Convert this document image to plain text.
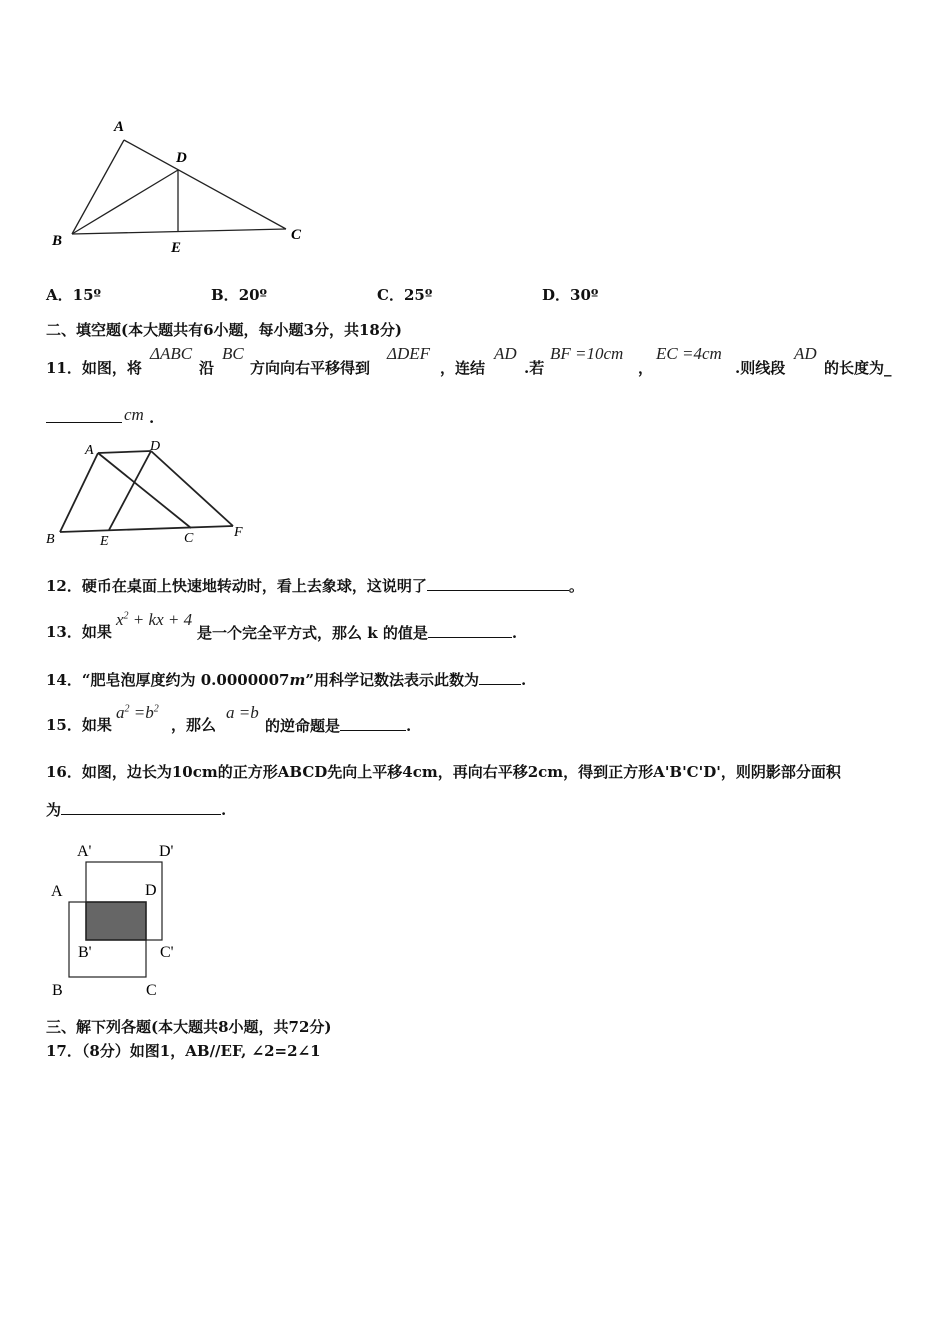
A
D
B	E
C
A．15º	B．20º	C．25º	D．30º
二、填空题(本大题共有6小题，每小题3分，共18分)
11．如图，将
ΔABC
沿
BC
方向向右平移得到
ΔDEF
，连结
AD
.若
BF =10cm
，
EC =4cm
.则线段
AD
的长度为_
cm .
A	D
B	E	C	F
12．硬币在桌面上快速地转动时，看上去象球，这说明了	。
13．如果
$x^2$ + kx + 4
是一个完全平方式，那么 k 的值是	.
14．“肥皂泡厚度约为 0.0000007m”用科学记数法表示此数为	.
15．如果
$a^2 =b^2$
，那么
a =b
的逆命题是	.
16．如图，边长为10cm的正方形ABCD先向上平移4cm，再向右平移2cm，得到正方形A'B'C'D'，则阴影部分面积
为	.
A'	D'
A	D
B'	C'
B	C
三、解下列各题(本大题共8小题，共72分)
17．（8分）如图1，AB//EF, ∠2=2∠1
